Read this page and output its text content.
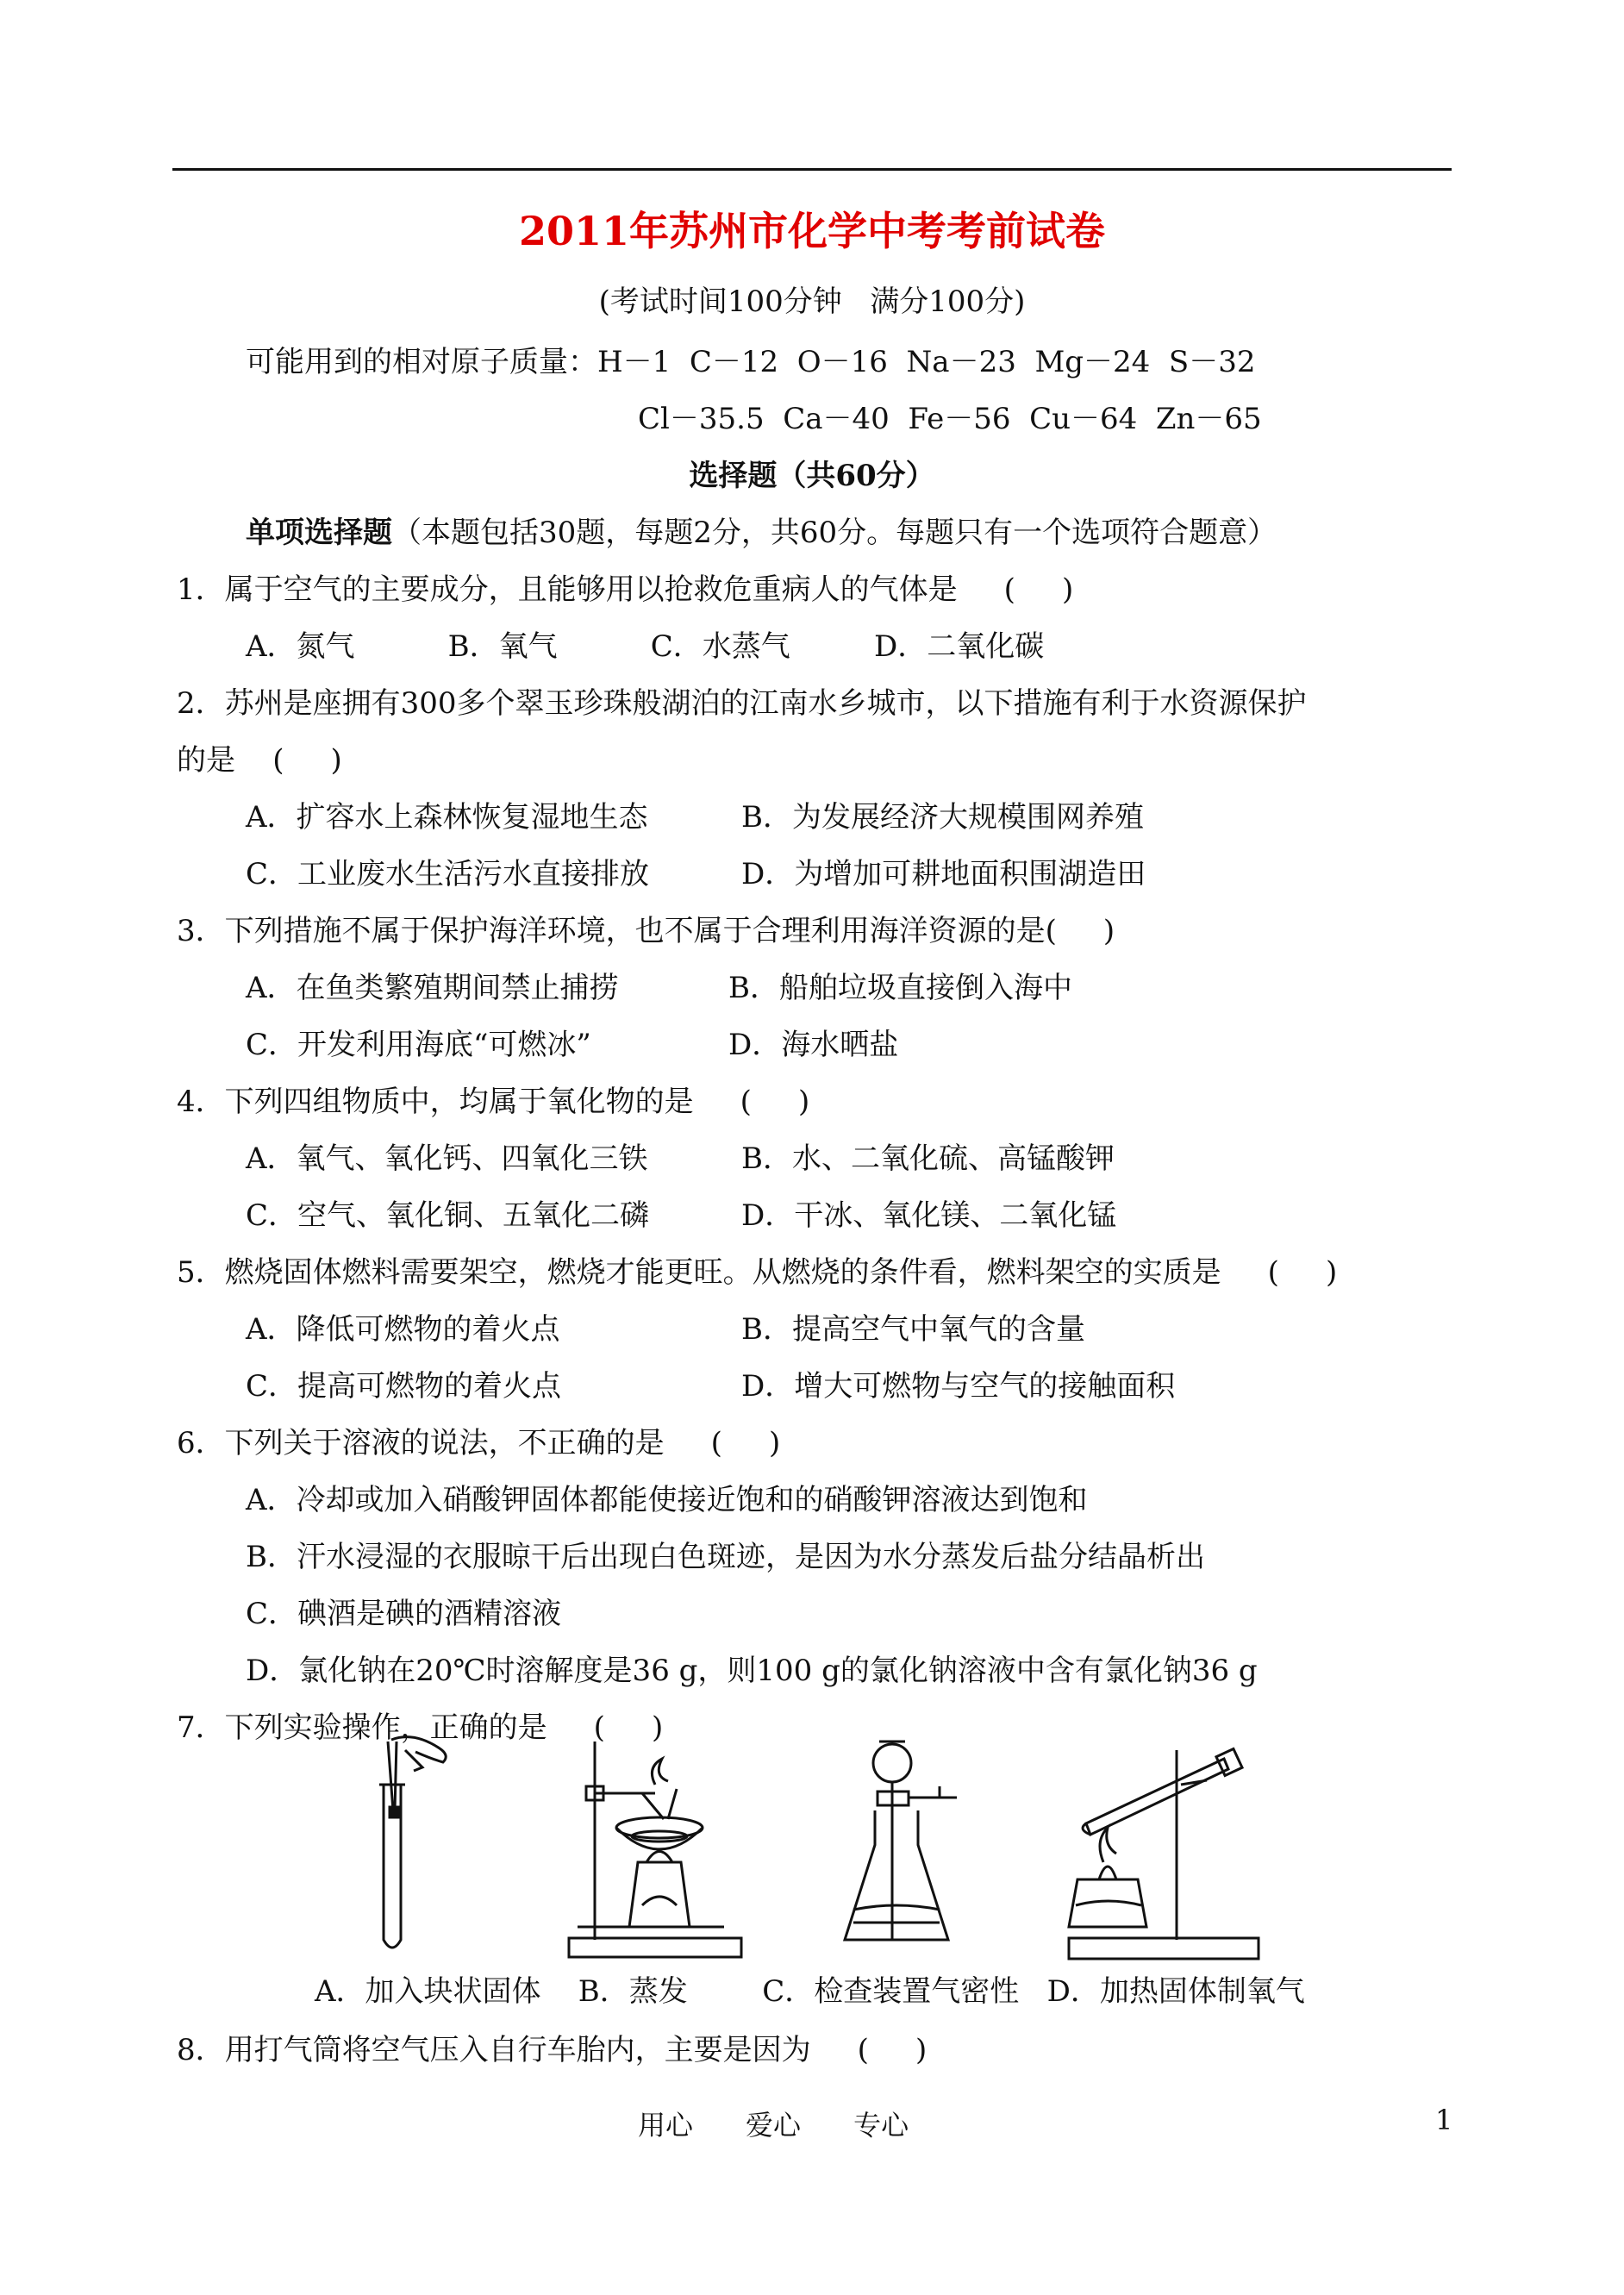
2011年苏州市化学中考考前试卷
(考试时间100分钟   满分100分)
可能用到的相对原子质量：H－1  C－12  O－16  Na－23  Mg－24  S－32
Cl－35.5  Ca－40  Fe－56  Cu－64  Zn－65
选择题（共60分）
单项选择题（本题包括30题，每题2分，共60分。每题只有一个选项符合题意）
1．属于空气的主要成分，且能够用以抢救危重病人的气体是     (     )
A．氮气          B．氧气          C．水蒸气         D．二氧化碳
2．苏州是座拥有300多个翠玉珍珠般湖泊的江南水乡城市，以下措施有利于水资源保护
的是    (     )
A．扩容水上森林恢复湿地生态	B．为发展经济大规模围网养殖
C．工业废水生活污水直接排放	D．为增加可耕地面积围湖造田
3．下列措施不属于保护海洋环境，也不属于合理利用海洋资源的是(     )
A．在鱼类繁殖期间禁止捕捞	B．船舶垃圾直接倒入海中
C．开发利用海底“可燃冰”	D．海水晒盐
4．下列四组物质中，均属于氧化物的是     (     )
A．氧气、氧化钙、四氧化三铁	B．水、二氧化硫、高锰酸钾
C．空气、氧化铜、五氧化二磷	D．干冰、氧化镁、二氧化锰
5．燃烧固体燃料需要架空，燃烧才能更旺。从燃烧的条件看，燃料架空的实质是     (     )
A．降低可燃物的着火点	B．提高空气中氧气的含量
C．提高可燃物的着火点	D．增大可燃物与空气的接触面积
6．下列关于溶液的说法，不正确的是     (     )
A．冷却或加入硝酸钾固体都能使接近饱和的硝酸钾溶液达到饱和
B．汗水浸湿的衣服晾干后出现白色斑迹，是因为水分蒸发后盐分结晶析出
C．碘酒是碘的酒精溶液
D．氯化钠在20℃时溶解度是36 g，则100 g的氯化钠溶液中含有氯化钠36 g
7．下列实验操作，正确的是     (     )
A．加入块状固体    B．蒸发        C．检查装置气密性   D．加热固体制氧气
8．用打气筒将空气压入自行车胎内，主要是因为     (     )
用心      爱心      专心	1
